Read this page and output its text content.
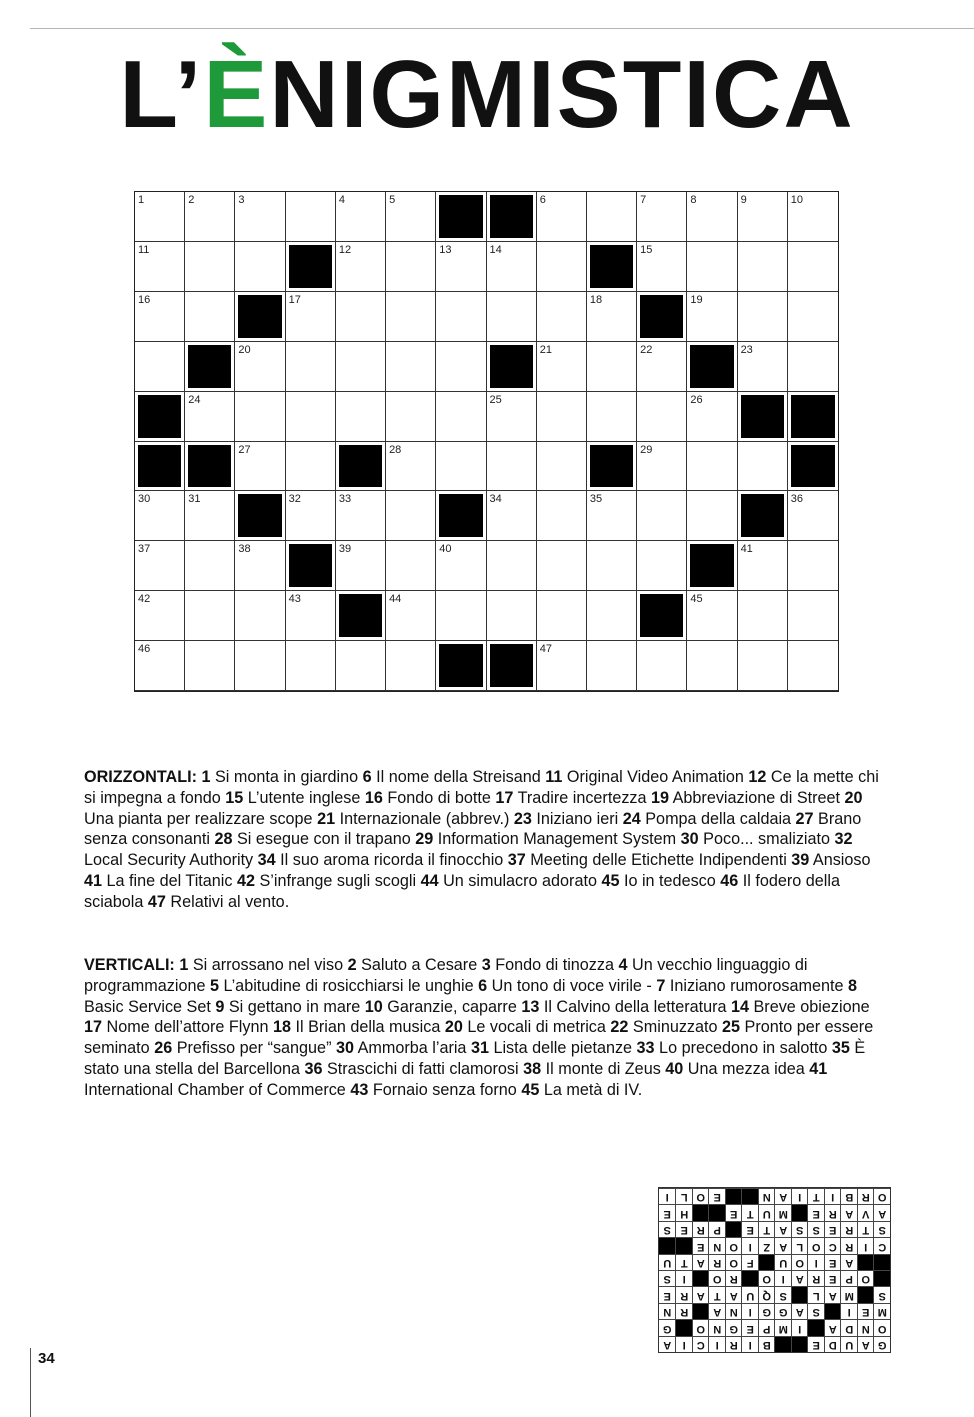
L’ÈNIGMISTICA
1	2	3	4	5	6	7	8	9	10
11	12	13	14	15
16	17	18	19
20	21	22	23
24	25	26
27	28	29
30	31	32	33	34	35	36
37	38	39	40	41
42	43	44	45
46	47
ORIZZONTALI: 1 Si monta in giardino 6 Il nome della Streisand 11 Original Video Animation 12 Ce la mette chi si impegna a fondo 15 L’utente inglese 16 Fondo di botte 17 Tradire incertezza 19 Abbreviazione di Street 20 Una pianta per realizzare scope 21 Internazionale (abbrev.) 23 Iniziano ieri 24 Pompa della caldaia 27 Brano senza consonanti 28 Si esegue con il trapano 29 Information Management System 30 Poco... smaliziato 32 Local Security Authority 34 Il suo aroma ricorda il finocchio 37 Meeting delle Etichette Indipendenti 39 Ansioso 41 La fine del Titanic 42 S’infrange sugli scogli 44 Un simulacro adorato 45 Io in tedesco 46 Il fodero della sciabola 47 Relativi al vento.
VERTICALI: 1 Si arrossano nel viso 2 Saluto a Cesare 3 Fondo di tinozza 4 Un vecchio linguaggio di programmazione 5 L’abitudine di rosicchiarsi le unghie 6 Un tono di voce virile - 7 Iniziano rumorosamente 8 Basic Service Set 9 Si gettano in mare 10 Garanzie, caparre 13 Il Calvino della letteratura 14 Breve obiezione 17 Nome dell’attore Flynn 18 Il Brian della musica 20 Le vocali di metrica 22 Sminuzzato 25 Pronto per essere seminato 26 Prefisso per “sangue” 30 Ammorba l’aria 31 Lista delle pietanze 33 Lo precedono in salotto 35 È stato una stella del Barcellona 36 Strascichi di fatti clamorosi 38 Il monte di Zeus 40 Una mezza idea 41 International Chamber of Commerce 43 Fornaio senza forno 45 La metà di IV.
G
A
U
D
E
B
I
R
I
C
I
A
O
N
D
A
I
M
P
E
G
N
O
G
M
E
I
S
A
G
G
I
N
A
R
N
S
M
A
L
S
Q
U
A
T
A
R
E
O
P
E
R
A
I
O
R
O
I
S
A
E
I
O
U
F
O
R
A
T
U
C
I
R
C
O
L
A
Z
I
O
N
E
S
T
R
E
S
S
A
T
E
P
R
E
S
A
V
A
R
E
M
U
T
E
H
E
O
R
B
I
T
I
A
N
E
O
L
I
34
